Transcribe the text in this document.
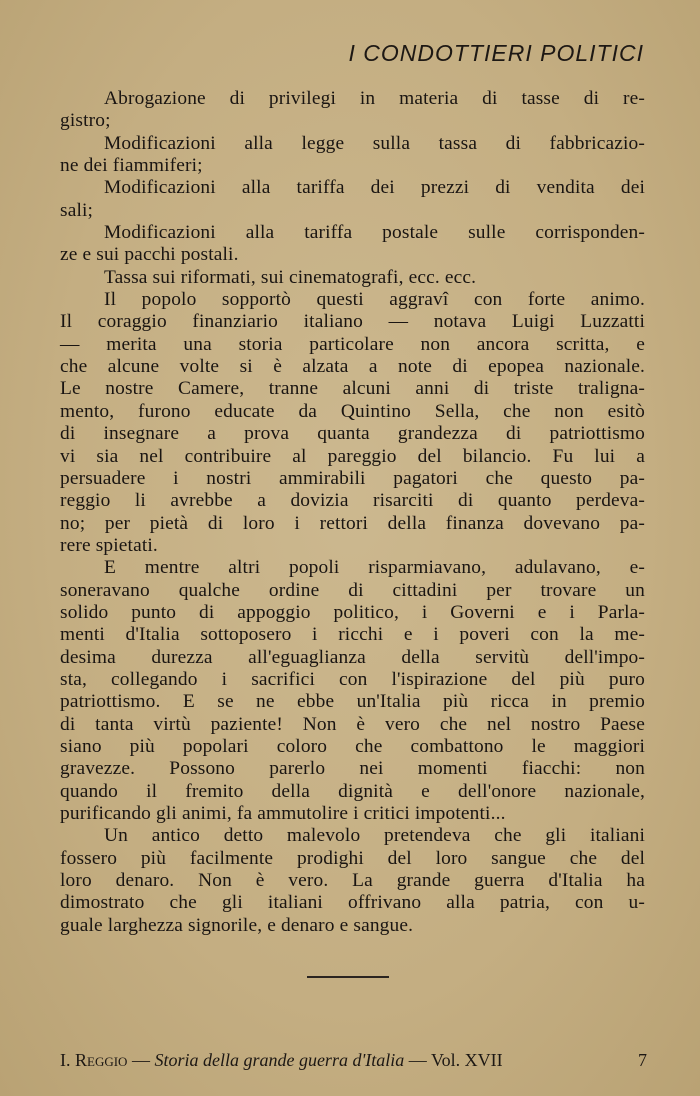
I CONDOTTIERI POLITICI
Abrogazione di privilegi in materia di tasse di re-
gistro;
Modificazioni alla legge sulla tassa di fabbricazio-
ne dei fiammiferi;
Modificazioni alla tariffa dei prezzi di vendita dei
sali;
Modificazioni alla tariffa postale sulle corrisponden-
ze e sui pacchi postali.
Tassa sui riformati, sui cinematografi, ecc. ecc.
Il popolo sopportò questi aggravî con forte animo.
Il coraggio finanziario italiano — notava Luigi Luzzatti
— merita una storia particolare non ancora scritta, e
che alcune volte si è alzata a note di epopea nazionale.
Le nostre Camere, tranne alcuni anni di triste traligna-
mento, furono educate da Quintino Sella, che non esitò
di insegnare a prova quanta grandezza di patriottismo
vi sia nel contribuire al pareggio del bilancio. Fu lui a
persuadere i nostri ammirabili pagatori che questo pa-
reggio li avrebbe a dovizia risarciti di quanto perdeva-
no; per pietà di loro i rettori della finanza dovevano pa-
rere spietati.
E mentre altri popoli risparmiavano, adulavano, e-
soneravano qualche ordine di cittadini per trovare un
solido punto di appoggio politico, i Governi e i Parla-
menti d'Italia sottoposero i ricchi e i poveri con la me-
desima durezza all'eguaglianza della servitù dell'impo-
sta, collegando i sacrifici con l'ispirazione del più puro
patriottismo. E se ne ebbe un'Italia più ricca in premio
di tanta virtù paziente! Non è vero che nel nostro Paese
siano più popolari coloro che combattono le maggiori
gravezze. Possono parerlo nei momenti fiacchi: non
quando il fremito della dignità e dell'onore nazionale,
purificando gli animi, fa ammutolire i critici impotenti...
Un antico detto malevolo pretendeva che gli italiani
fossero più facilmente prodighi del loro sangue che del
loro denaro. Non è vero. La grande guerra d'Italia ha
dimostrato che gli italiani offrivano alla patria, con u-
guale larghezza signorile, e denaro e sangue.
I. Reggio — Storia della grande guerra d'Italia — Vol. XVII	7
